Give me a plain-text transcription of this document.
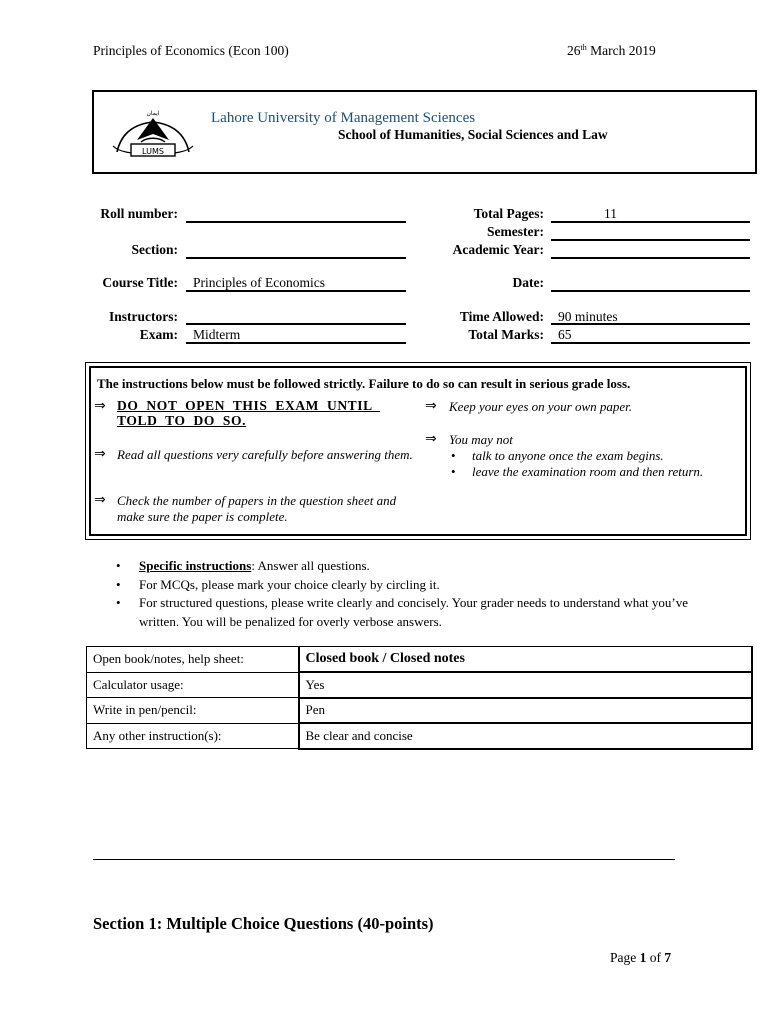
Principles of Economics (Econ 100)	26th March 2019
LUMS
ایمان	Lahore University of Management Sciences
School of Humanities, Social Sciences and Law
Roll number:
Section:
Course Title: Principles of Economics
Instructors:
Exam: Midterm
Total Pages:	11
Semester:
Academic Year:
Date:
Time Allowed: 90 minutes
Total Marks: 65
The instructions below must be followed strictly. Failure to do so can result in serious grade loss.
⇒ DO  NOT  OPEN  THIS  EXAM  UNTIL
TOLD  TO  DO  SO.
⇒ Read all questions very carefully before answering them.
⇒ Check the number of papers in the question sheet and make sure the paper is complete.
⇒ Keep your eyes on your own paper.
⇒ You may not
• talk to anyone once the exam begins.
• leave the examination room and then return.
• Specific instructions: Answer all questions.
• For MCQs, please mark your choice clearly by circling it.
• For structured questions, please write clearly and concisely. Your grader needs to understand what you’ve written. You will be penalized for overly verbose answers.
Open book/notes, help sheet:	Closed book / Closed notes
Calculator usage:	Yes
Write in pen/pencil:	Pen
Any other instruction(s):	Be clear and concise
Section 1: Multiple Choice Questions (40-points)
Page 1 of 7
